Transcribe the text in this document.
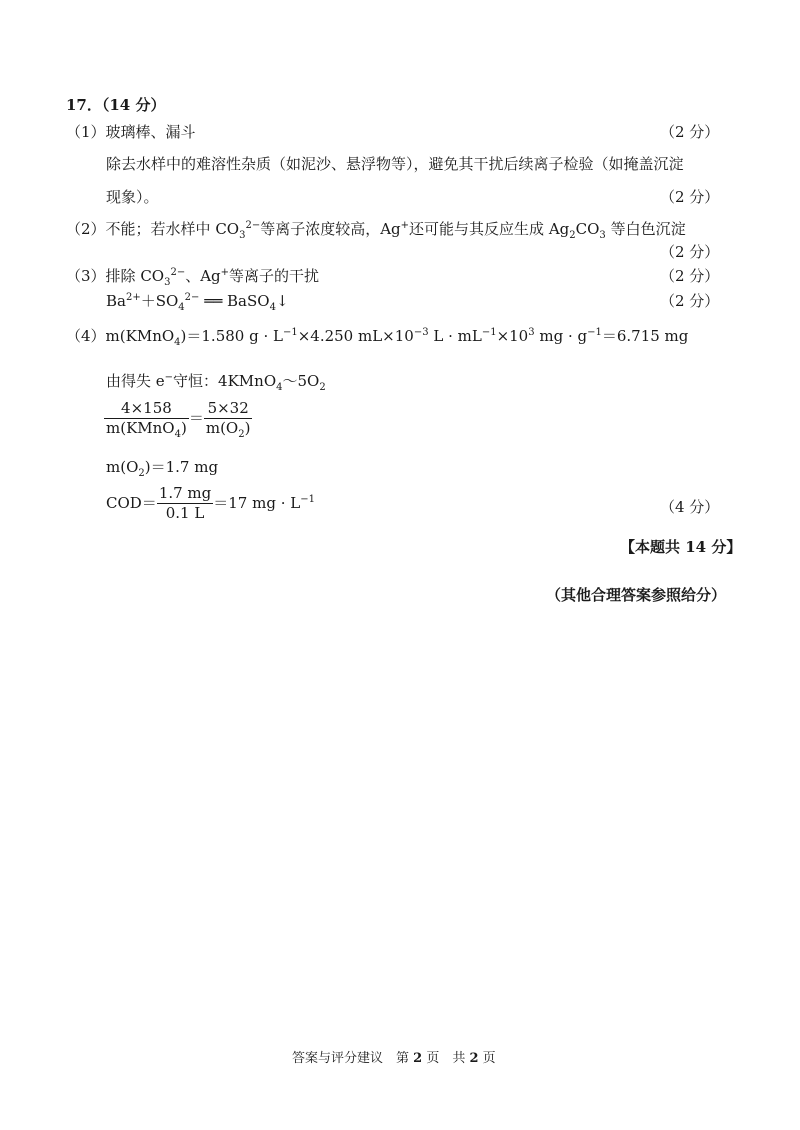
17．（14 分）
（1）玻璃棒、漏斗	（2 分）
除去水样中的难溶性杂质（如泥沙、悬浮物等），避免其干扰后续离子检验（如掩盖沉淀
现象）。	（2 分）
（2）不能；若水样中 $CO_3^{2-}$等离子浓度较高，Ag+还可能与其反应生成 $Ag_2CO_3$ 等白色沉淀
（2 分）
（3）排除 $CO_3^{2-}$、Ag+等离子的干扰	（2 分）
$Ba^{2+}+SO_4^{2-}$ ══ BaSO$_4$↓	（2 分）
（4）m(KMnO$_4$)＝1.580 $g \cdot L^{-1}\times 4.250$ $mL\times 10^{-3}$ $L \cdot mL^{-1}\times 10^3$ mg · $g^{-1}=6.715$ mg
由得失 e−守恒：$4KMnO_4\sim 5O_2$
$\frac{4\times 158}{m(KMnO_4)} = \frac{5\times 32}{m(O_2)}$
$m(O_2)=1.7$ mg
$COD= \frac{1.7 mg}{0.1 L} =17$ mg · $L^{-1}$	（4 分）
【本题共 14 分】
（其他合理答案参照给分）
答案与评分建议　第 2 页　共 2 页
